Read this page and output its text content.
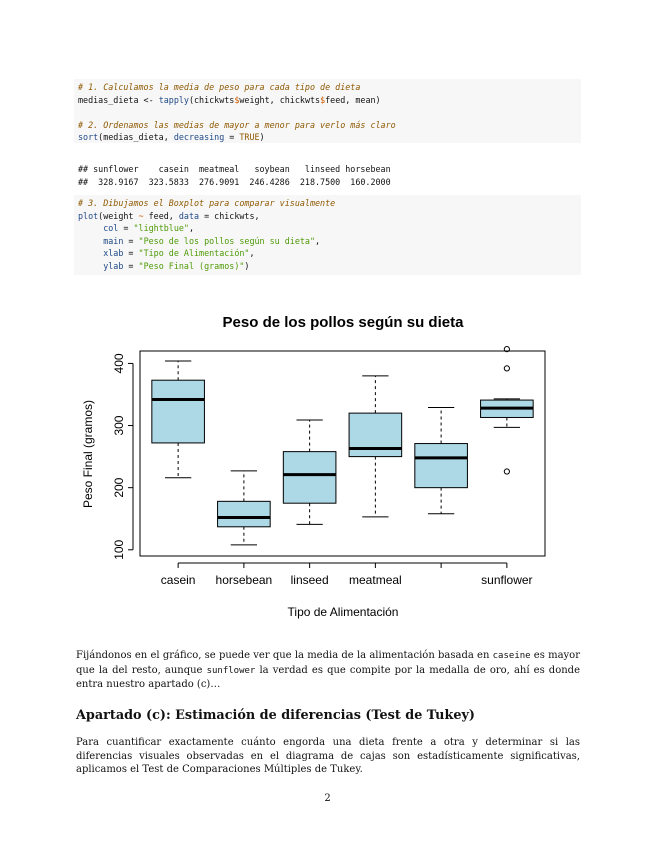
# 1. Calculamos la media de peso para cada tipo de dieta
medias_dieta <- tapply(chickwts$weight, chickwts$feed, mean)

# 2. Ordenamos las medias de mayor a menor para verlo más claro
sort(medias_dieta, decreasing = TRUE)
## sunflower    casein  meatmeal   soybean   linseed horsebean
##  328.9167  323.5833  276.9091  246.4286  218.7500  160.2000
# 3. Dibujamos el Boxplot para comparar visualmente
plot(weight ~ feed, data = chickwts,
col = "lightblue",
main = "Peso de los pollos según su dieta",
xlab = "Tipo de Alimentación",
ylab = "Peso Final (gramos)")
Peso de los pollos según su dieta
100
200
300
400
casein horsebean linseed meatmeal	sunflower
Peso Final (gramos)
Tipo de Alimentación
Fijándonos en el gráfico, se puede ver que la media de la alimentación basada en caseine es mayor que la del resto, aunque sunflower la verdad es que compite por la medalla de oro, ahí es donde entra nuestro apartado (c)…
Apartado (c): Estimación de diferencias (Test de Tukey)
Para cuantificar exactamente cuánto engorda una dieta frente a otra y determinar si las diferencias visuales observadas en el diagrama de cajas son estadísticamente significativas, aplicamos el Test de Comparaciones Múltiples de Tukey.
2
